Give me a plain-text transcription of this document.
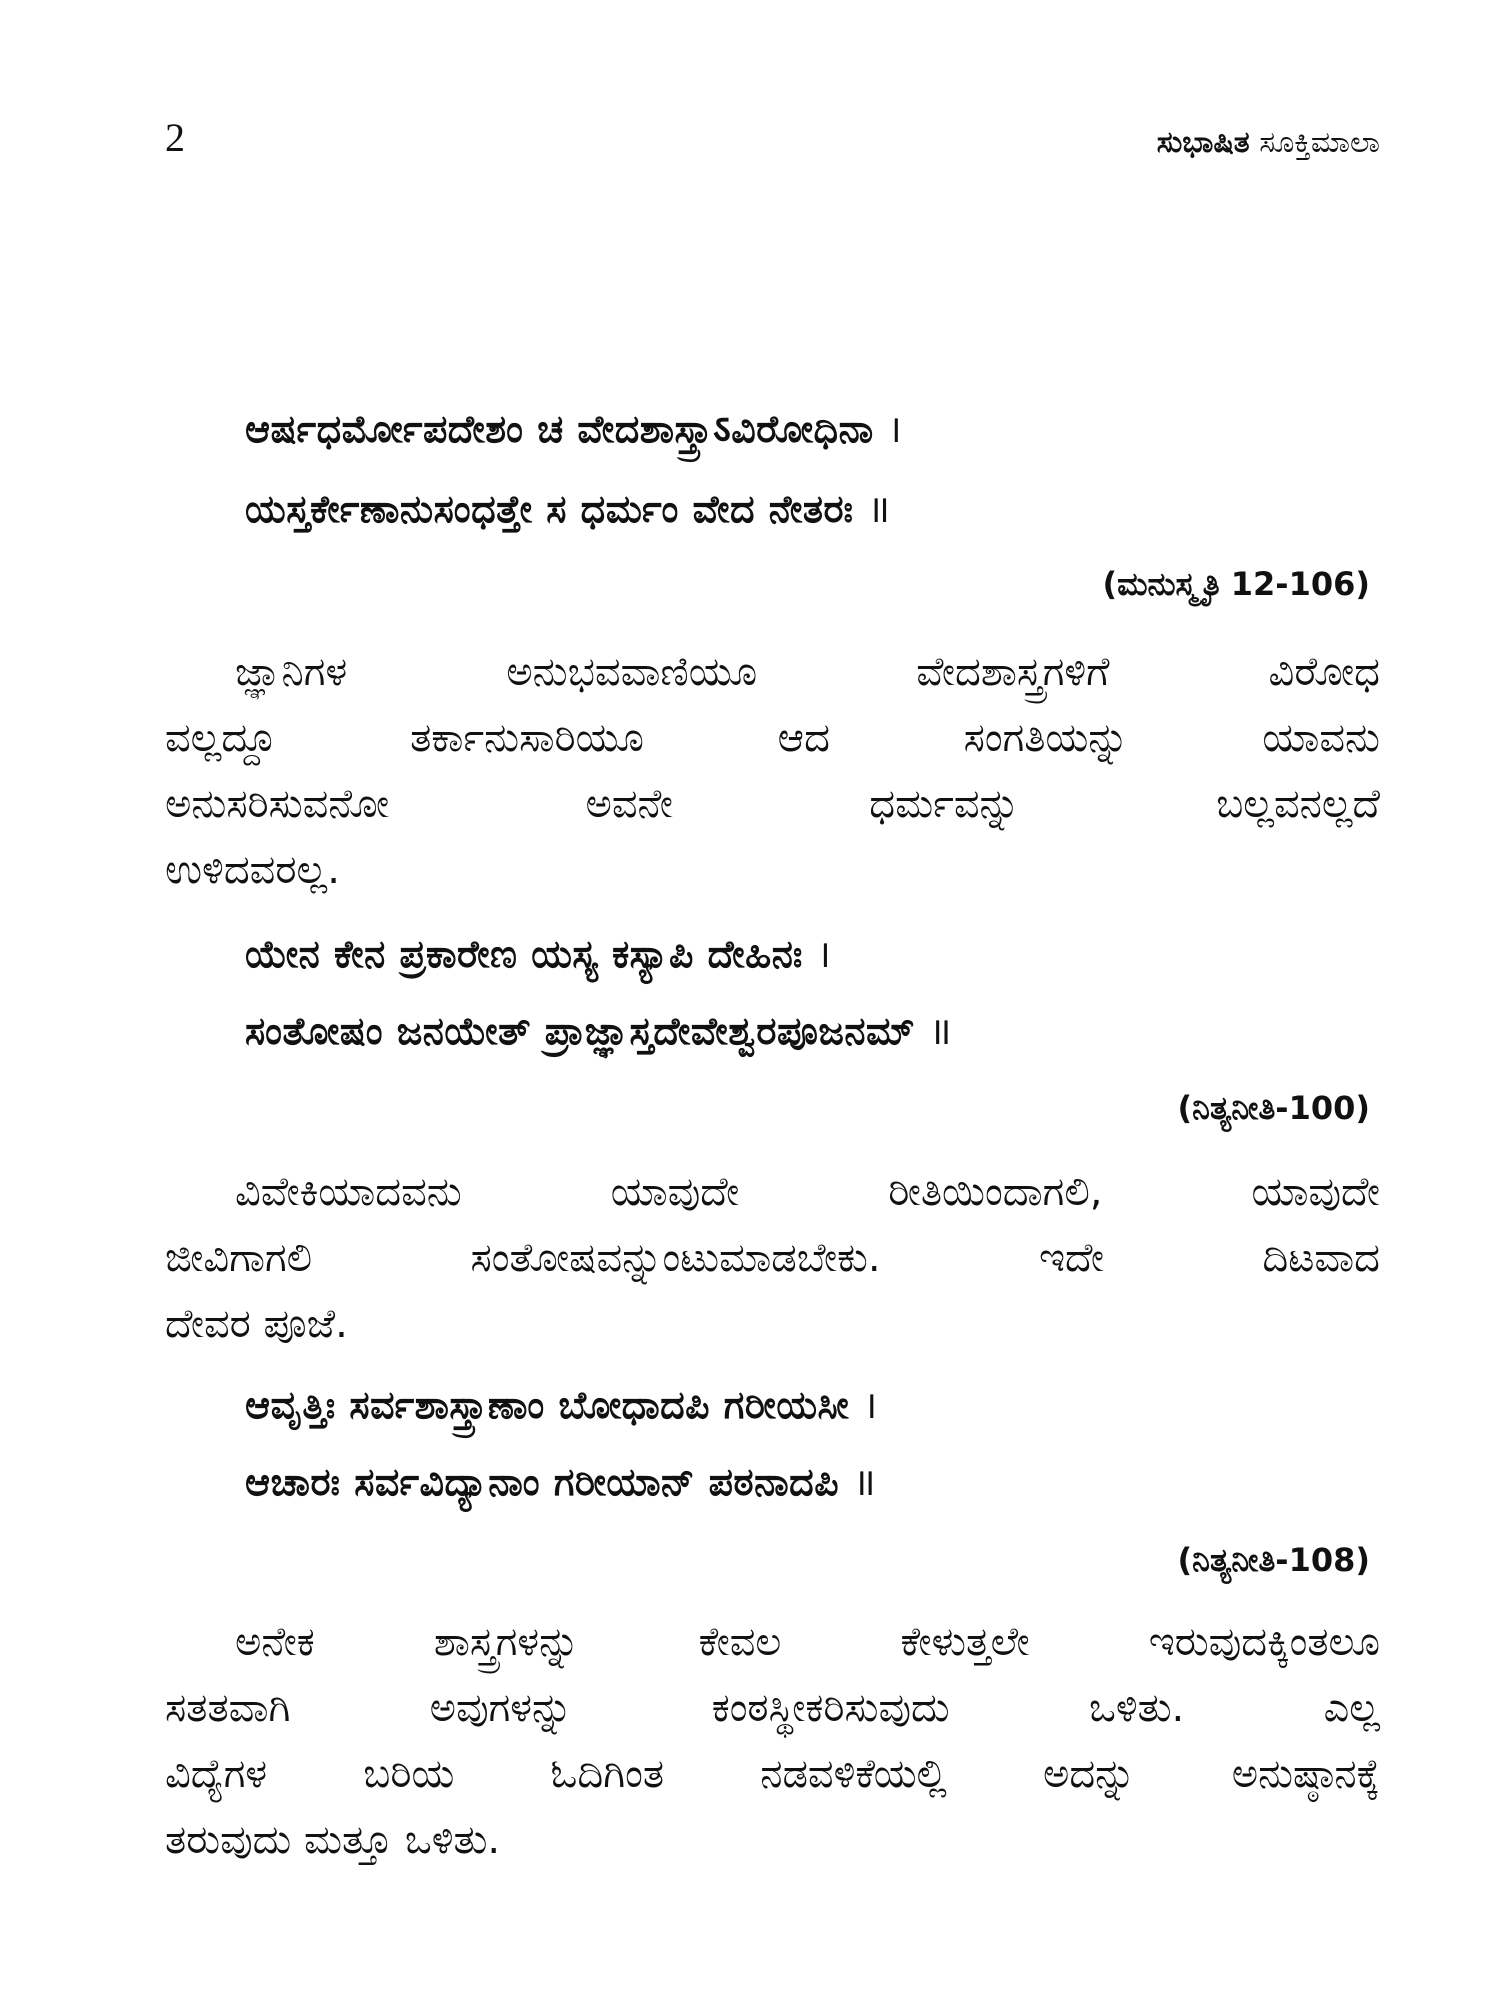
2	ಸುಭಾಷಿತ ಸೂಕ್ತಿಮಾಲಾ
ಆರ್ಷಧರ್ಮೋಪದೇಶಂ ಚ ವೇದಶಾಸ್ತ್ರಾऽವಿರೋಧಿನಾ ।
ಯಸ್ತರ್ಕೇಣಾನುಸಂಧತ್ತೇ ಸ ಧರ್ಮಂ ವೇದ ನೇತರಃ ॥
(ಮನುಸ್ಮೃತಿ 12-106)
ಜ್ಞಾನಿಗಳ ಅನುಭವವಾಣಿಯೂ ವೇದಶಾಸ್ತ್ರಗಳಿಗೆ ವಿರೋಧ
ವಲ್ಲದ್ದೂ ತರ್ಕಾನುಸಾರಿಯೂ ಆದ ಸಂಗತಿಯನ್ನು ಯಾವನು
ಅನುಸರಿಸುವನೋ ಅವನೇ ಧರ್ಮವನ್ನು ಬಲ್ಲವನಲ್ಲದೆ
ಉಳಿದವರಲ್ಲ.
ಯೇನ ಕೇನ ಪ್ರಕಾರೇಣ ಯಸ್ಯ ಕಸ್ಯಾಪಿ ದೇಹಿನಃ ।
ಸಂತೋಷಂ ಜನಯೇತ್ ಪ್ರಾಜ್ಞಾಸ್ತದೇವೇಶ್ವರಪೂಜನಮ್ ॥
(ನಿತ್ಯನೀತಿ-100)
ವಿವೇಕಿಯಾದವನು ಯಾವುದೇ ರೀತಿಯಿಂದಾಗಲಿ, ಯಾವುದೇ
ಜೀವಿಗಾಗಲಿ ಸಂತೋಷವನ್ನುಂಟುಮಾಡಬೇಕು. ಇದೇ ದಿಟವಾದ
ದೇವರ ಪೂಜೆ.
ಆವೃತ್ತಿಃ ಸರ್ವಶಾಸ್ತ್ರಾಣಾಂ ಬೋಧಾದಪಿ ಗರೀಯಸೀ ।
ಆಚಾರಃ ಸರ್ವವಿದ್ಯಾನಾಂ ಗರೀಯಾನ್ ಪಠನಾದಪಿ ॥
(ನಿತ್ಯನೀತಿ-108)
ಅನೇಕ ಶಾಸ್ತ್ರಗಳನ್ನು ಕೇವಲ ಕೇಳುತ್ತಲೇ ಇರುವುದಕ್ಕಿಂತಲೂ
ಸತತವಾಗಿ ಅವುಗಳನ್ನು ಕಂಠಸ್ಥೀಕರಿಸುವುದು ಒಳಿತು. ಎಲ್ಲ
ವಿದ್ಯೆಗಳ ಬರಿಯ ಓದಿಗಿಂತ ನಡವಳಿಕೆಯಲ್ಲಿ ಅದನ್ನು ಅನುಷ್ಠಾನಕ್ಕೆ
ತರುವುದು ಮತ್ತೂ ಒಳಿತು.
